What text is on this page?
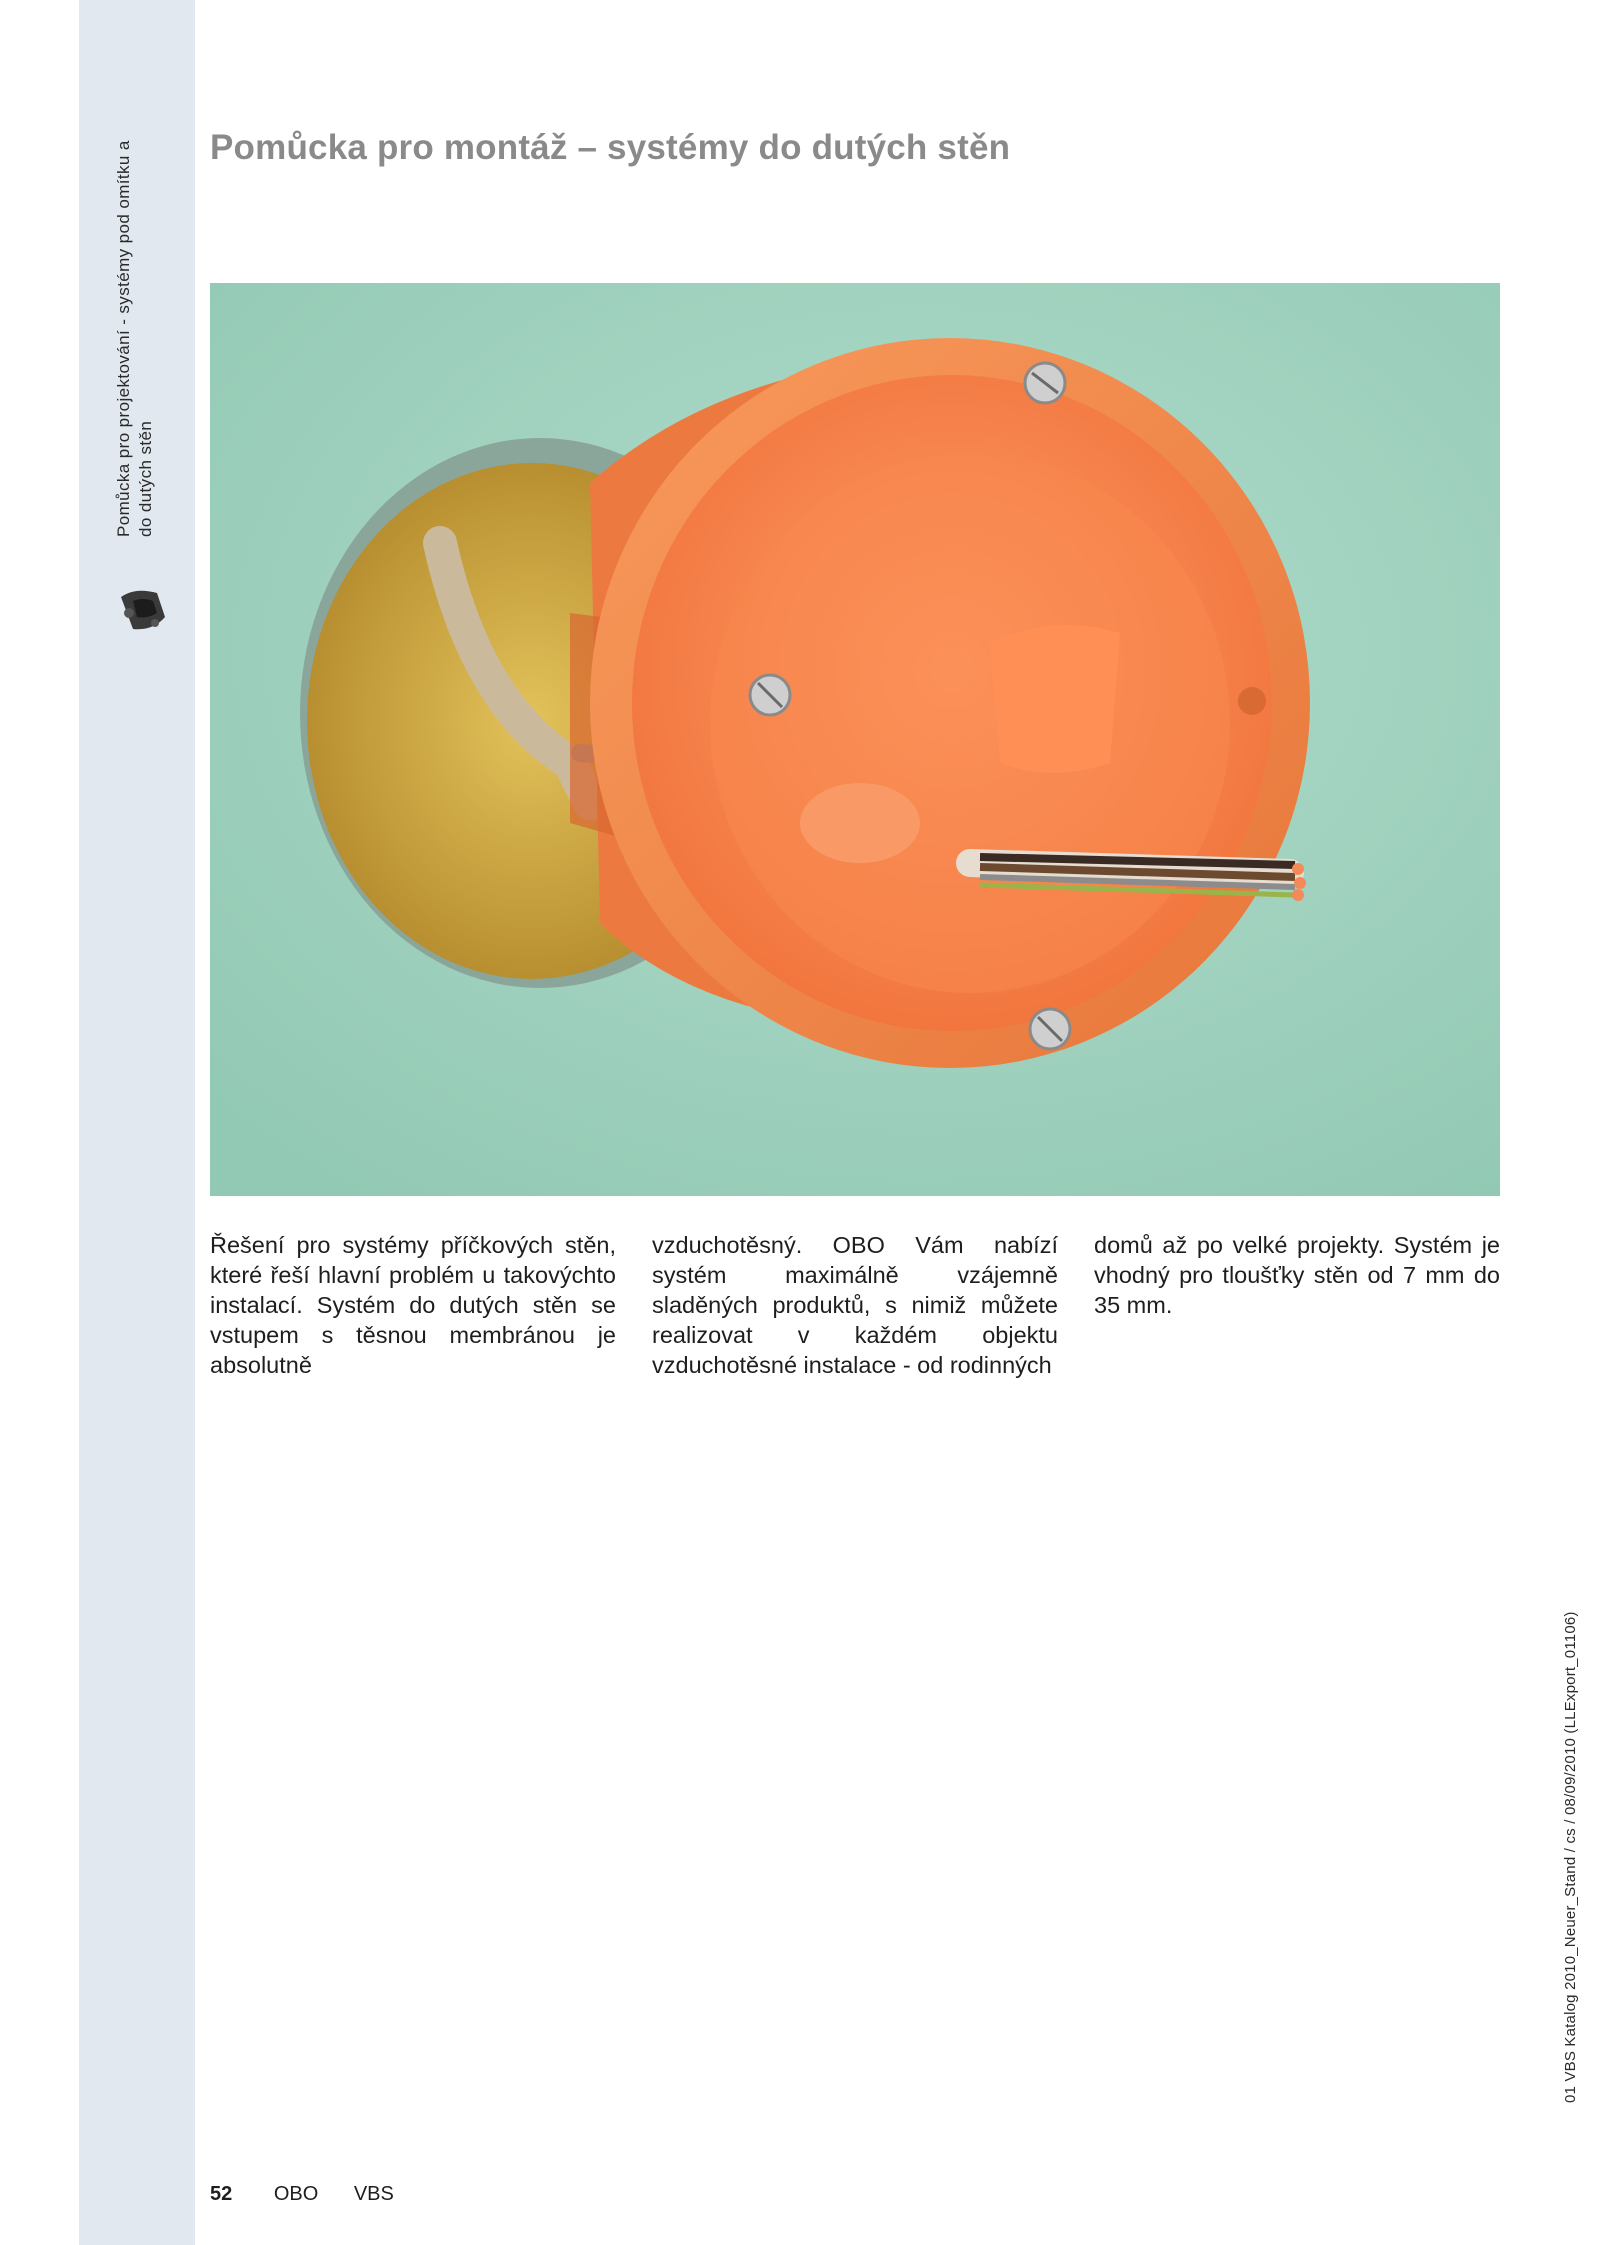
Pomůcka pro projektování - systémy pod omítku a do dutých stěn
Pomůcka pro montáž – systémy do dutých stěn

Řešení pro systémy příčkových stěn, které řeší hlavní problém u takovýchto instalací. Systém do dutých stěn se vstupem s těsnou membránou je absolutně

vzduchotěsný. OBO Vám nabízí systém maximálně vzájemně sladěných produktů, s nimiž můžete realizovat v každém objektu vzduchotěsné instalace - od rodinných

domů až po velké projekty. Systém je vhodný pro tloušťky stěn od 7 mm do 35 mm.

52 OBO VBS
01 VBS Katalog 2010_Neuer_Stand / cs / 08/09/2010 (LLExport_01106)
